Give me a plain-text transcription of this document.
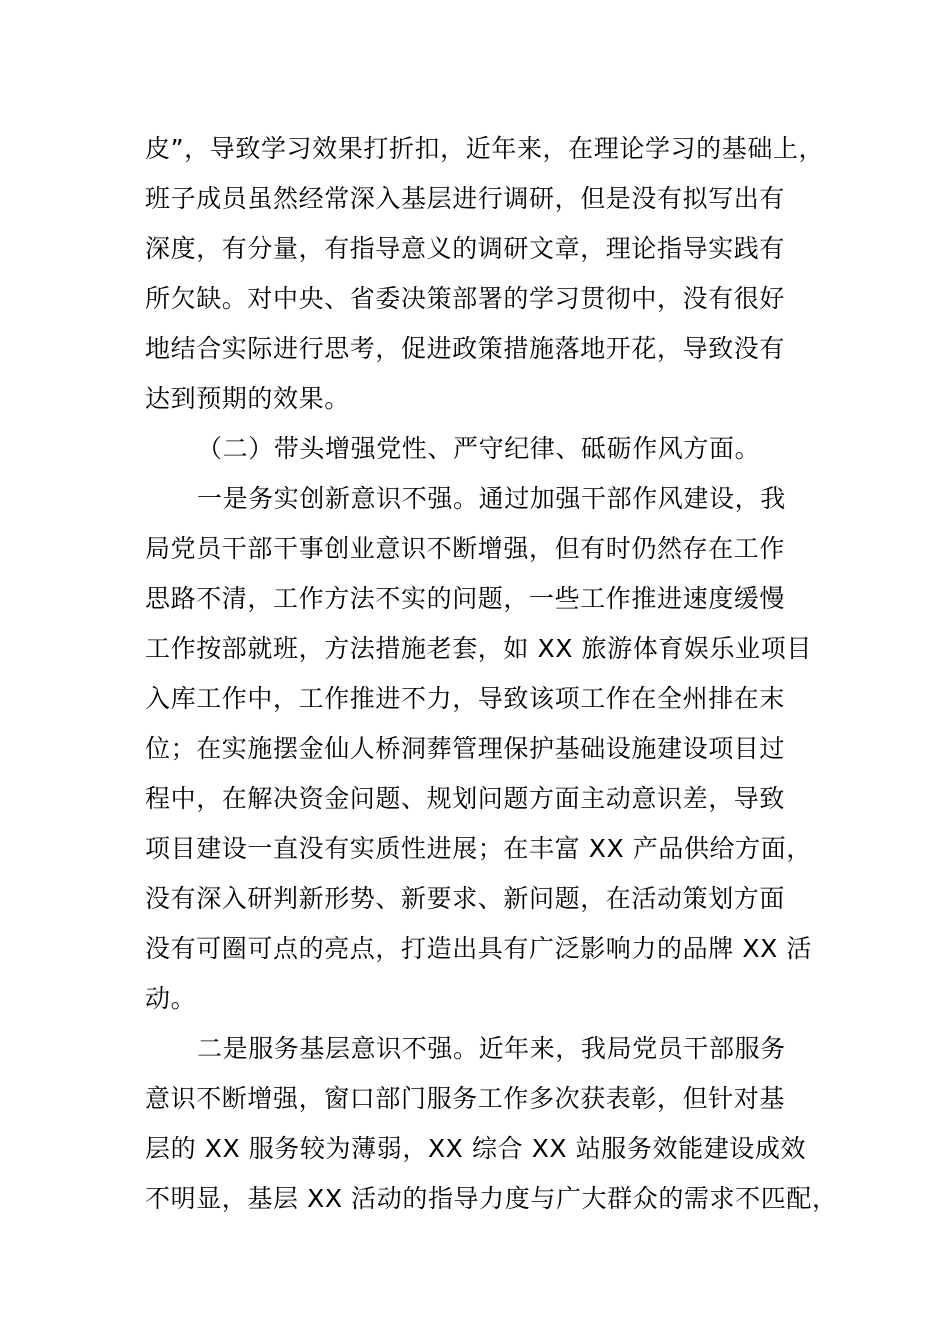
皮”，导致学习效果打折扣，近年来，在理论学习的基础上，
班子成员虽然经常深入基层进行调研，但是没有拟写出有
深度，有分量，有指导意义的调研文章，理论指导实践有
所欠缺。对中央、省委决策部署的学习贯彻中，没有很好
地结合实际进行思考，促进政策措施落地开花，导致没有
达到预期的效果。
（二）带头增强党性、严守纪律、砥砺作风方面。
一是务实创新意识不强。通过加强干部作风建设，我
局党员干部干事创业意识不断增强，但有时仍然存在工作
思路不清，工作方法不实的问题，一些工作推进速度缓慢
工作按部就班，方法措施老套，如 XX 旅游体育娱乐业项目
入库工作中，工作推进不力，导致该项工作在全州排在末
位；在实施摆金仙人桥洞葬管理保护基础设施建设项目过
程中，在解决资金问题、规划问题方面主动意识差，导致
项目建设一直没有实质性进展；在丰富 XX 产品供给方面，
没有深入研判新形势、新要求、新问题，在活动策划方面
没有可圈可点的亮点，打造出具有广泛影响力的品牌 XX 活
动。
二是服务基层意识不强。近年来，我局党员干部服务
意识不断增强，窗口部门服务工作多次获表彰，但针对基
层的 XX 服务较为薄弱，XX 综合 XX 站服务效能建设成效
不明显，基层 XX 活动的指导力度与广大群众的需求不匹配，
